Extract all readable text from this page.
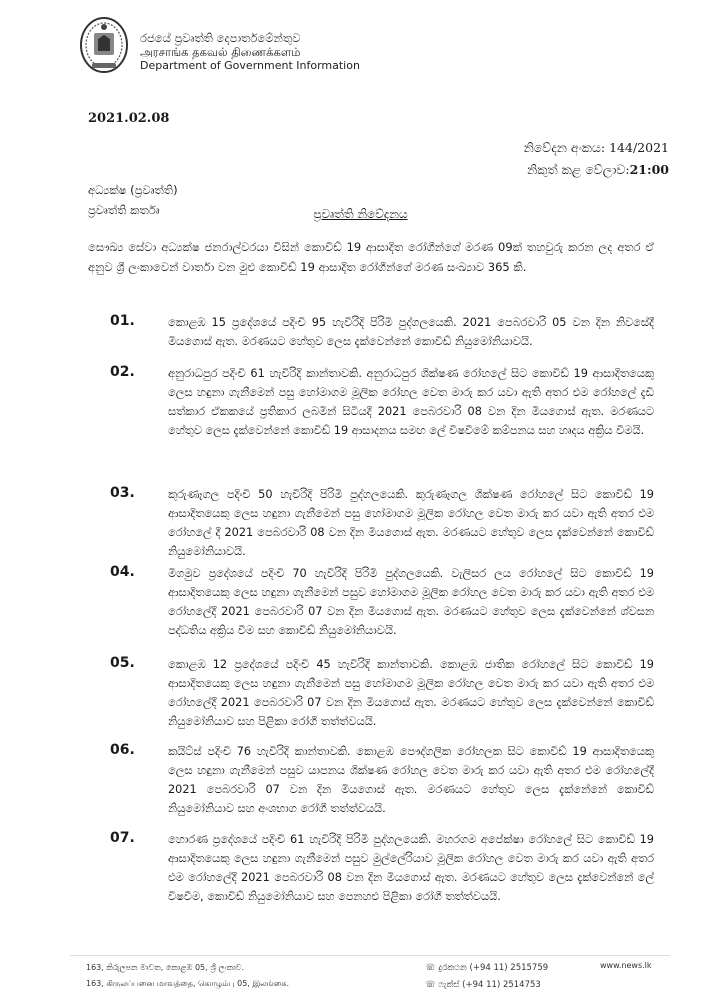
රජයේ ප්‍රවෘත්ති දෙපාර්තමේන්තුව
அரசாங்க தகவல் திணைக்களம்
Department of Government Information
2021.02.08
නිවේදන අංකය: 144/2021
නිකුත් කළ වේලාව:21:00
අධ්‍යක්ෂ (ප්‍රවෘත්ති)
ප්‍රවෘත්ති කර්තෘ	ප්‍රවෘත්ති නිවේදනය
සෞඛ්‍ය සේවා අධ්‍යක්ෂ ජනරාල්වරයා විසින් කොවිඩ් 19 ආසාදිත රෝගීන්ගේ මරණ 09ක් තහවුරු කරන ලද අතර ඒ අනුව ශ්‍රී ලංකාවෙන් වාර්තා වන මුළු කොවිඩ් 19 ආසාදිත රෝගීන්ගේ මරණ සංඛ්‍යාව 365 කි.
01.	කොළඹ 15 ප්‍රදේශයේ පදිංචි 95 හැවිරිදි පිරිමි පුද්ගලයෙකි. 2021 පෙබරවාරි 05 වන දින නිවසේදී මියගොස් ඇත. මරණයට හේතුව ලෙස දැක්වෙන්නේ කොවිඩ් නියුමෝනියාවයි.
02.	අනුරාධපුර පදිංචි 61 හැවිරිදි කාන්තාවකි. අනුරාධපුර ශික්ෂණ රෝහලේ සිට කොවිඩ් 19 ආසාදිතයෙකු ලෙස හඳුනා ගැනීමෙන් පසු හෝමාගම මූලික රෝහල වෙත මාරු කර යවා ඇති අතර එම රෝහලේ දැඩි සත්කාර ඒකකයේ ප්‍රතිකාර ලබමින් සිටියදී 2021 පෙබරවාරි 08 වන දින මියගොස් ඇත. මරණයට හේතුව ලෙස දැක්වෙන්නේ කොවිඩ් 19 ආසාදනය සමඟ ලේ විෂවීමේ කම්පනය සහ හෘදය අක්‍රිය වීමයි.
03.	කුරුණෑගල පදිංචි 50 හැවිරිදි පිරිමි පුද්ගලයෙකි. කුරුණෑගල ශික්ෂණ රෝහලේ සිට කොවිඩ් 19 ආසාදිතයෙකු ලෙස හඳුනා ගැනීමෙන් පසු හෝමාගම මූලික රෝහල වෙත මාරු කර යවා ඇති අතර එම රෝහලේ දී 2021 පෙබරවාරි 08 වන දින මියගොස් ඇත. මරණයට හේතුව ලෙස දැක්වෙන්නේ කොවිඩ් නියුමෝනියාවයි.
04.	මිගමුව ප්‍රදේශයේ පදිංචි 70 හැවිරිදි පිරිමි පුද්ගලයෙකි. වැලිසර ලය රෝහලේ සිට කොවිඩ් 19 ආසාදිතයෙකු ලෙස හඳුනා ගැනීමෙන් පසුව හෝමාගම මූලික රෝහල වෙත මාරු කර යවා ඇති අතර එම රෝහලේදී 2021 පෙබරවාරි 07 වන දින මියගොස් ඇත. මරණයට හේතුව ලෙස දැක්වෙන්නේ ශ්වසන පද්ධතිය අක්‍රිය වීම සහ කොවිඩ් නියුමෝනියාවයි.
05.	කොළඹ 12 ප්‍රදේශයේ පදිංචි 45 හැවිරිදි කාන්තාවකි. කොළඹ ජාතික රෝහලේ සිට කොවිඩ් 19 ආසාදිතයෙකු ලෙස හඳුනා ගැනීමෙන් පසු හෝමාගම මූලික රෝහල වෙත මාරු කර යවා ඇති අතර එම රෝහලේදී 2021 පෙබරවාරි 07 වන දින මියගොස් ඇත. මරණයට හේතුව ලෙස දැක්වෙන්නේ කොවිඩ් නියුමෝනියාව සහ පිළිකා රෝගී තත්ත්වයයි.
06.	කයිට්ස් පදිංචි 76 හැවිරිදි කාන්තාවකි. කොළඹ පෞද්ගලික රෝහලක සිට කොවිඩ් 19 ආසාදිතයෙකු ලෙස හඳුනා ගැනීමෙන් පසුව යාපනය ශික්ෂණ රෝහල වෙත මාරු කර යවා ඇති අතර එම රෝහලේදී 2021 පෙබරවාරි 07 වන දින මියගොස් ඇත. මරණයට හේතුව ලෙස දැක්නේනේ කොවිඩ් නියුමෝනියාව සහ අංශභාග රෝගී තත්ත්වයයි.
07.	හොරණ ප්‍රදේශයේ පදිංචි 61 හැවිරිදි පිරිමි පුද්ගලයෙකි. මහරගම අපේක්ෂා රෝහලේ සිට කොවිඩ් 19 ආසාදිතයෙකු ලෙස හඳුනා ගැනීමෙන් පසුව මුල්ලේරියාව මූලික රෝහල වෙත මාරු කර යවා ඇති අතර එම රෝහලේදී 2021 පෙබරවාරි 08 වන දින මියගොස් ඇත. මරණයට හේතුව ලෙස දැක්වෙන්නේ ලේ විෂවීම, කොවිඩ් නියුමෝනියාව සහ පෙනහළු පිළිකා රෝගී තත්ත්වයයි.
163, කිරුලපන මාවත, කොළඹ 05, ශ්‍රී ලංකාව.
163, கிருலப்பனை மாவத்தை, கொழும்பு 05, இலங்கை.
☏ දුරකථන (+94 11) 2515759
☏ ෆැක්ස් (+94 11) 2514753
www.news.lk
